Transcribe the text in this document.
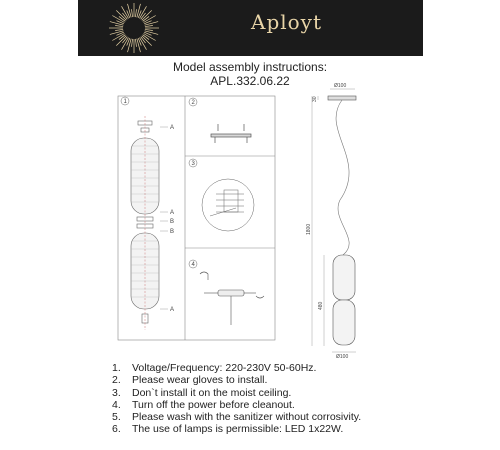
Aployt
Model assembly instructions:
APL.332.06.22
1	2
3
4
A
A
B
B
A
Ø100
30
1800
480
Ø100
1. Voltage/Frequency: 220-230V 50-60Hz.
2. Please wear gloves to install.
3. Don`t install it on the moist ceiling.
4. Turn off the power before cleanout.
5. Please wash with the sanitizer without corrosivity.
6. The use of lamps is permissible: LED 1x22W.
